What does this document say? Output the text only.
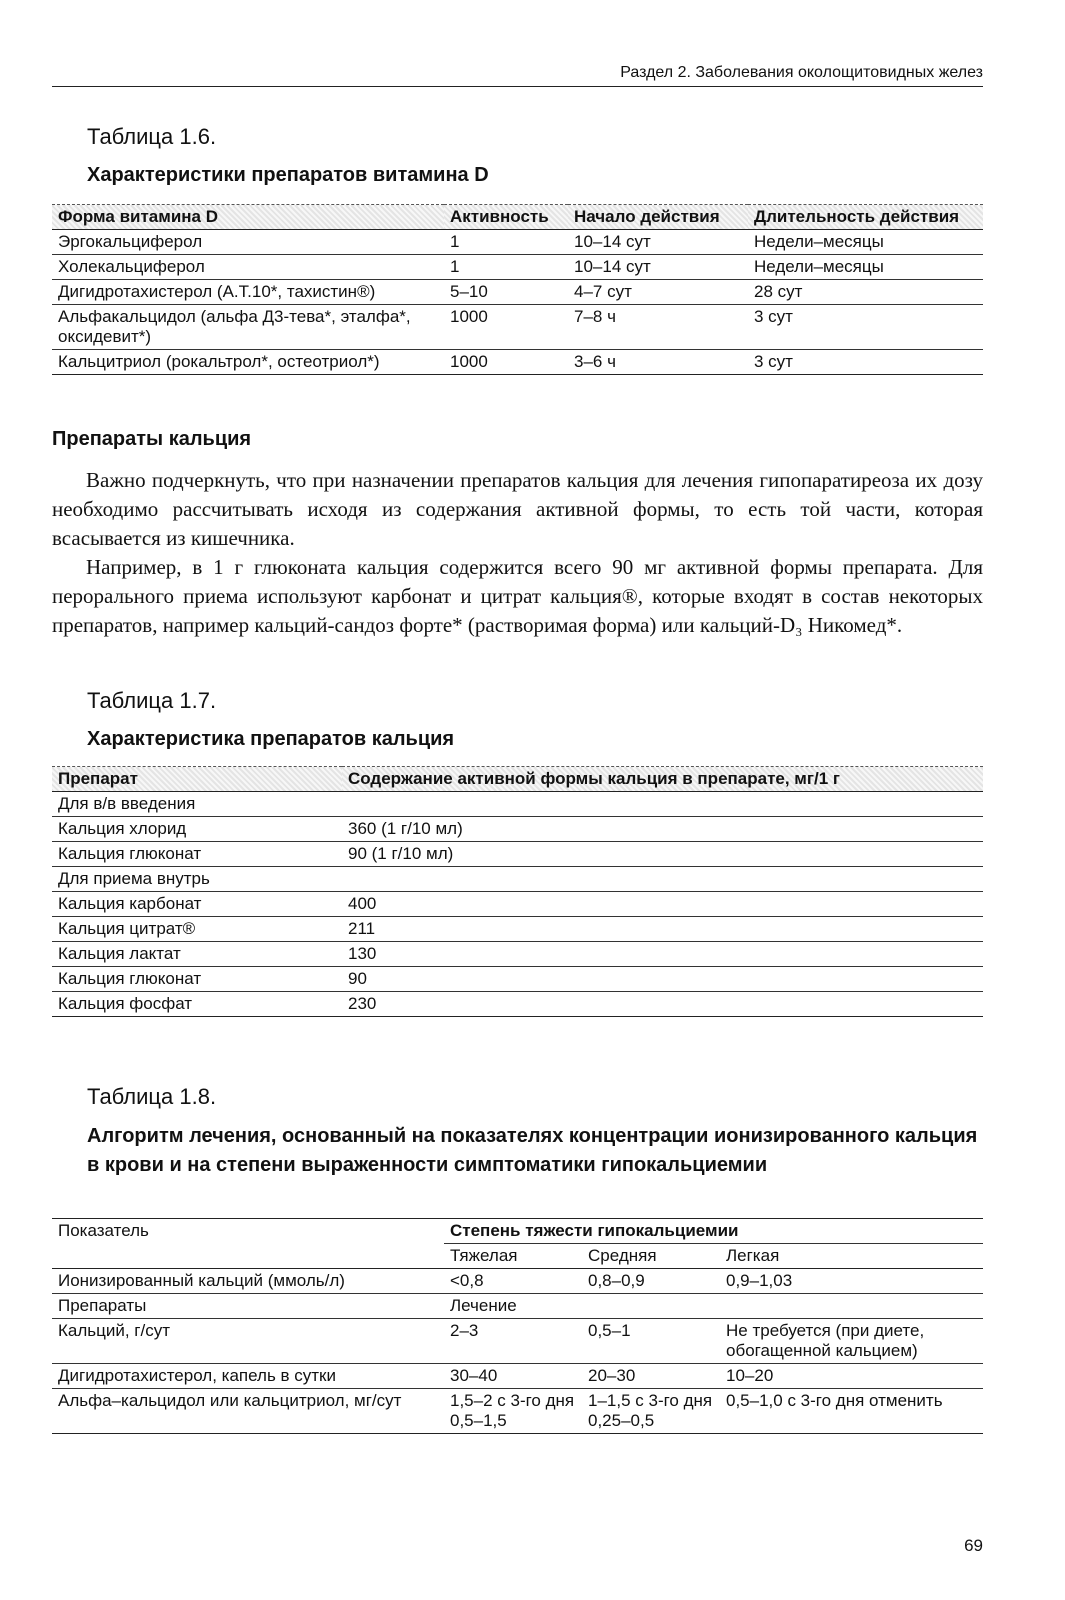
Раздел 2. Заболевания околощитовидных желез
Таблица 1.6.
Характеристики препаратов витамина D
Форма витамина D	Активность	Начало действия	Длительность действия
Эргокальциферол	1	10–14 сут	Недели–месяцы
Холекальциферол	1	10–14 сут	Недели–месяцы
Дигидротахистерол (А.Т.10*, тахистин®)	5–10	4–7 сут	28 сут
Альфакальцидол (альфа Д3-тева*, эталфа*, оксидевит*)	1000	7–8 ч	3 сут
Кальцитриол (рокальтрол*, остеотриол*)	1000	3–6 ч	3 сут
Препараты кальция

Важно подчеркнуть, что при назначении препаратов кальция для лечения гипопаратиреоза их дозу необходимо рассчитывать исходя из содержания активной формы, то есть той части, которая всасывается из кишечника.

Например, в 1 г глюконата кальция содержится всего 90 мг активной формы препарата. Для перорального приема используют карбонат и цитрат кальция®, которые входят в состав некоторых препаратов, например кальций-сандоз форте* (растворимая форма) или кальций-D₃ Никомед*.

Таблица 1.7.
Характеристика препаратов кальция
Препарат	Содержание активной формы кальция в препарате, мг/1 г
Для в/в введения	
Кальция хлорид	360 (1 г/10 мл)
Кальция глюконат	90 (1 г/10 мл)
Для приема внутрь	
Кальция карбонат	400
Кальция цитрат®	211
Кальция лактат	130
Кальция глюконат	90
Кальция фосфат	230
Таблица 1.8.
Алгоритм лечения, основанный на показателях концентрации ионизированного кальция в крови и на степени выраженности симптоматики гипокальциемии
Показатель	Степень тяжести гипокальциемии		
	Тяжелая	Средняя	Легкая
Ионизированный кальций (ммоль/л)	<0,8	0,8–0,9	0,9–1,03
Препараты	Лечение		
Кальций, г/сут	2–3	0,5–1	Не требуется (при диете, обогащенной кальцием)
Дигидротахистерол, капель в сутки	30–40	20–30	10–20
Альфа–кальцидол или кальцитриол, мг/сут	1,5–2 с 3-го дня 0,5–1,5	1–1,5 с 3-го дня 0,25–0,5	0,5–1,0 с 3-го дня отменить
69
